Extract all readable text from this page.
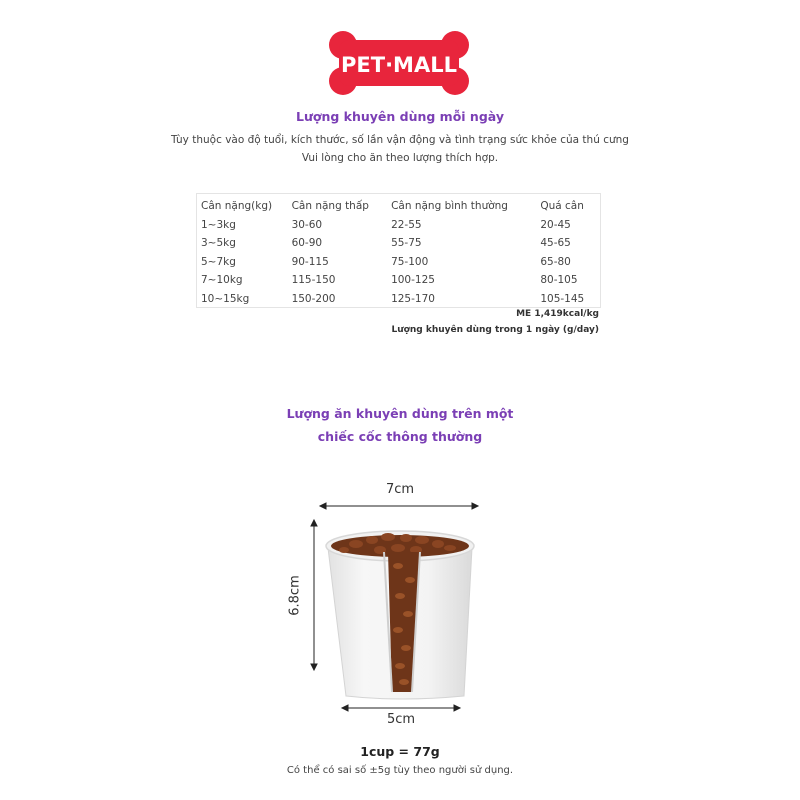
PET·MALL
Lượng khuyên dùng mỗi ngày
Tùy thuộc vào độ tuổi, kích thước, số lần vận động và tình trạng sức khỏe của thú cưng
Vui lòng cho ăn theo lượng thích hợp.
Cân nặng(kg)	Cân nặng thấp	Cân nặng bình thường	Quá cân
1~3kg	30-60	22-55	20-45
3~5kg	60-90	55-75	45-65
5~7kg	90-115	75-100	65-80
7~10kg	115-150	100-125	80-105
10~15kg	150-200	125-170	105-145
ME 1,419kcal/kg
Lượng khuyên dùng trong 1 ngày (g/day)
Lượng ăn khuyên dùng trên một
chiếc cốc thông thường
7cm
6.8cm
5cm
1cup = 77g
Có thể có sai số ±5g tùy theo người sử dụng.
